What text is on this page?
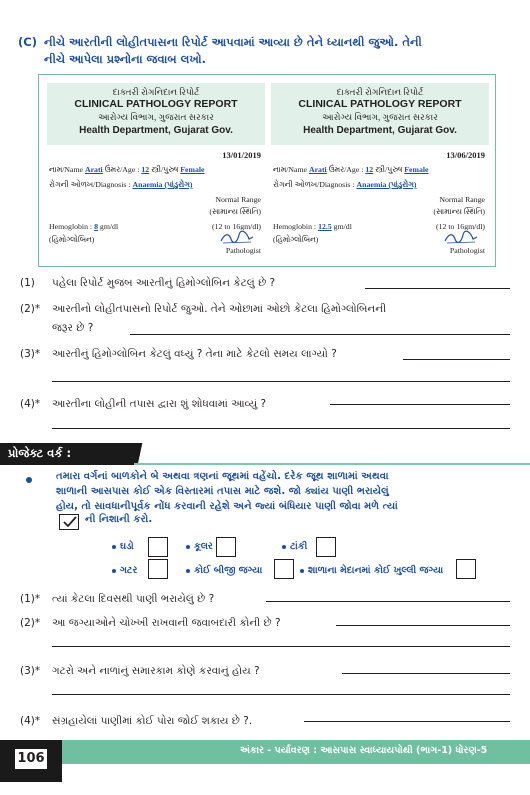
(C) નીચે આરતીની લોહીતપાસના રિપોર્ટ આપવામાં આવ્યા છે તેને ધ્યાનથી જુઓ. તેની
નીચે આપેલા પ્રશ્નોના જવાબ લખો.
દાક્તરી રોગનિદાન રિપોર્ટ
CLINICAL PATHOLOGY REPORT
આરોગ્ય વિભાગ, ગુજરાત સરકાર
Health Department, Gujarat Gov.
13/01/2019
નામ/Name Arati ઉંમર/Age : 12 સ્ત્રી/પુરુષ Female
રોગની ઓળખ/Diagnosis : Anaemia (પાંડુરોગ)
Normal Range
(સામાન્ય સ્થિતિ)
Hemoglobin : 8 gm/dl	(12 to 16gm/dl)
(હિમોગ્લોબિન)
Pathologist
દાક્તરી રોગનિદાન રિપોર્ટ
CLINICAL PATHOLOGY REPORT
આરોગ્ય વિભાગ, ગુજરાત સરકાર
Health Department, Gujarat Gov.
13/06/2019
નામ/Name Arati ઉંમર/Age : 12 સ્ત્રી/પુરુષ Female
રોગની ઓળખ/Diagnosis : Anaemia (પાંડુરોગ)
Normal Range
(સામાન્ય સ્થિતિ)
Hemoglobin : 12.5 gm/dl	(12 to 16gm/dl)
(હિમોગ્લોબિન)
Pathologist
(1) પહેલા રિપોર્ટ મુજબ આરતીનું હિમોગ્લોબિન કેટલું છે ?
(2)* આરતીનો લોહીતપાસનો રિપોર્ટ જુઓ. તેને ઓછામાં ઓછો કેટલા હિમોગ્લોબિનની
જરૂર છે ?
(3)* આરતીનું હિમોગ્લોબિન કેટલું વધ્યું ? તેના માટે કેટલો સમય લાગ્યો ?
(4)* આરતીના લોહીની તપાસ દ્વારા શું શોધવામાં આવ્યું ?
પ્રોજેક્ટ વર્ક :
તમારા વર્ગનાં બાળકોને બે અથવા ત્રણનાં જૂથમાં વહેંચો. દરેક જૂથ શાળામાં અથવા
શાળાની આસપાસ કોઈ એક વિસ્તારમાં તપાસ માટે જશે. જો ક્યાંય પાણી ભરાયેલું
હોય, તો સાવધાનીપૂર્વક નોંધ કરવાની રહેશે અને જ્યાં બંધિયાર પાણી જોવા મળે ત્યાં
ની નિશાની કરો.
ઘડો	કૂલર	ટાંકી
ગટર	કોઈ બીજી જગ્યા	શાળાના મેદાનમાં કોઈ ખુલ્લી જગ્યા
(1)* ત્યાં કેટલા દિવસથી પાણી ભરાયેલું છે ?
(2)* આ જગ્યાઓને ચોખ્ખી રાખવાની જવાબદારી કોની છે ?
(3)* ગટરો અને નાળાંનું સમારકામ કોણે કરવાનું હોય ?
(4)* સંગ્રહાયેલાં પાણીમાં કોઈ પોરા જોઈ શકાય છે ?.
106
અંકાર - પર્યાવરણ : આસપાસ સ્વાધ્યાયપોથી (ભાગ-1) ધોરણ-5
